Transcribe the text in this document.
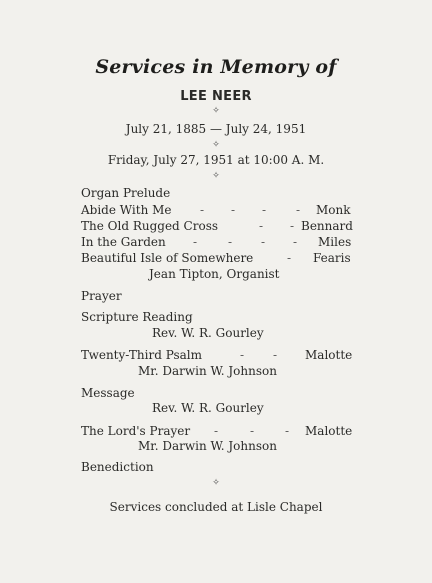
Services in Memory of
LEE NEER
✧
July 21, 1885 — July 24, 1951
✧
Friday, July 27, 1951 at 10:00 A. M.
✧
Organ Prelude
Abide With Me - - - - Monk
The Old Rugged Cross	- - Bennard
In the Garden -	- - - Miles
Beautiful Isle of Somewhere	- Fearis
Jean Tipton, Organist
Prayer
Scripture Reading
Rev. W. R. Gourley
Twenty-Third Psalm	- - Malotte
Mr. Darwin W. Johnson
Message
Rev. W. R. Gourley
The Lord's Prayer -	-	- Malotte
Mr. Darwin W. Johnson
Benediction
✧
Services concluded at Lisle Chapel
